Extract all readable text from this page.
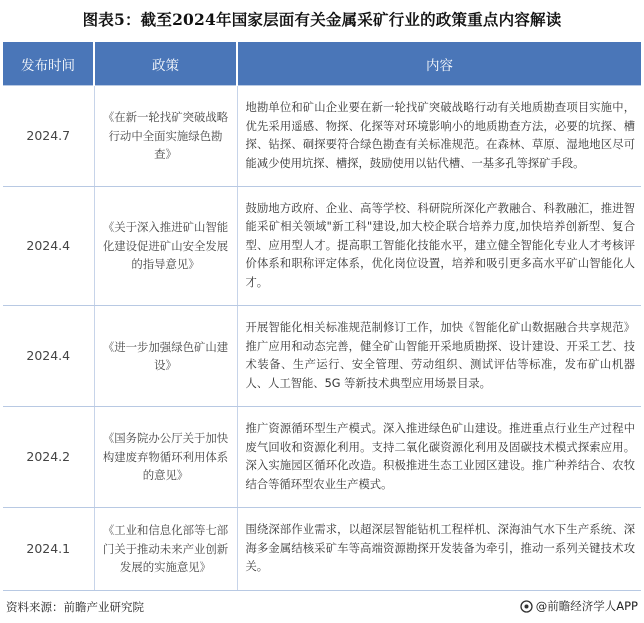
图表5：截至2024年国家层面有关金属采矿行业的政策重点内容解读
发布时间	政策	内容
2024.7	《在新一轮找矿突破战略行动中全面实施绿色勘查》	地勘单位和矿山企业要在新一轮找矿突破战略行动有关地质勘查项目实施中，优先采用遥感、物探、化探等对环境影响小的地质勘查方法，必要的坑探、槽探、钻探、硐探要符合绿色勘查有关标准规范。在森林、草原、湿地地区尽可能减少使用坑探、槽探，鼓励使用以钻代槽、一基多孔等探矿手段。
2024.4	《关于深入推进矿山智能化建设促进矿山安全发展的指导意见》	鼓励地方政府、企业、高等学校、科研院所深化产教融合、科教融汇，推进智能采矿相关领域"新工科"建设,加大校企联合培养力度,加快培养创新型、复合型、应用型人才。提高职工智能化技能水平，建立健全智能化专业人才考核评价体系和职称评定体系，优化岗位设置，培养和吸引更多高水平矿山智能化人才。
2024.4	《进一步加强绿色矿山建设》	开展智能化相关标准规范制修订工作，加快《智能化矿山数据融合共享规范》推广应用和动态完善，健全矿山智能开采地质勘探、设计建设、开采工艺、技术装备、生产运行、安全管理、劳动组织、测试评估等标准，发布矿山机器人、人工智能、5G 等新技术典型应用场景目录。
2024.2	《国务院办公厅关于加快构建废弃物循环利用体系的意见》	推广资源循环型生产模式。深入推进绿色矿山建设。推进重点行业生产过程中废气回收和资源化利用。支持二氧化碳资源化利用及固碳技术模式探索应用。深入实施园区循环化改造。积极推进生态工业园区建设。推广种养结合、农牧结合等循环型农业生产模式。
2024.1	《工业和信息化部等七部门关于推动未来产业创新发展的实施意见》	围绕深部作业需求，以超深层智能钻机工程样机、深海油气水下生产系统、深海多金属结核采矿车等高端资源勘探开发装备为牵引，推动一系列关键技术攻关。
资料来源：前瞻产业研究院	@前瞻经济学人APP
